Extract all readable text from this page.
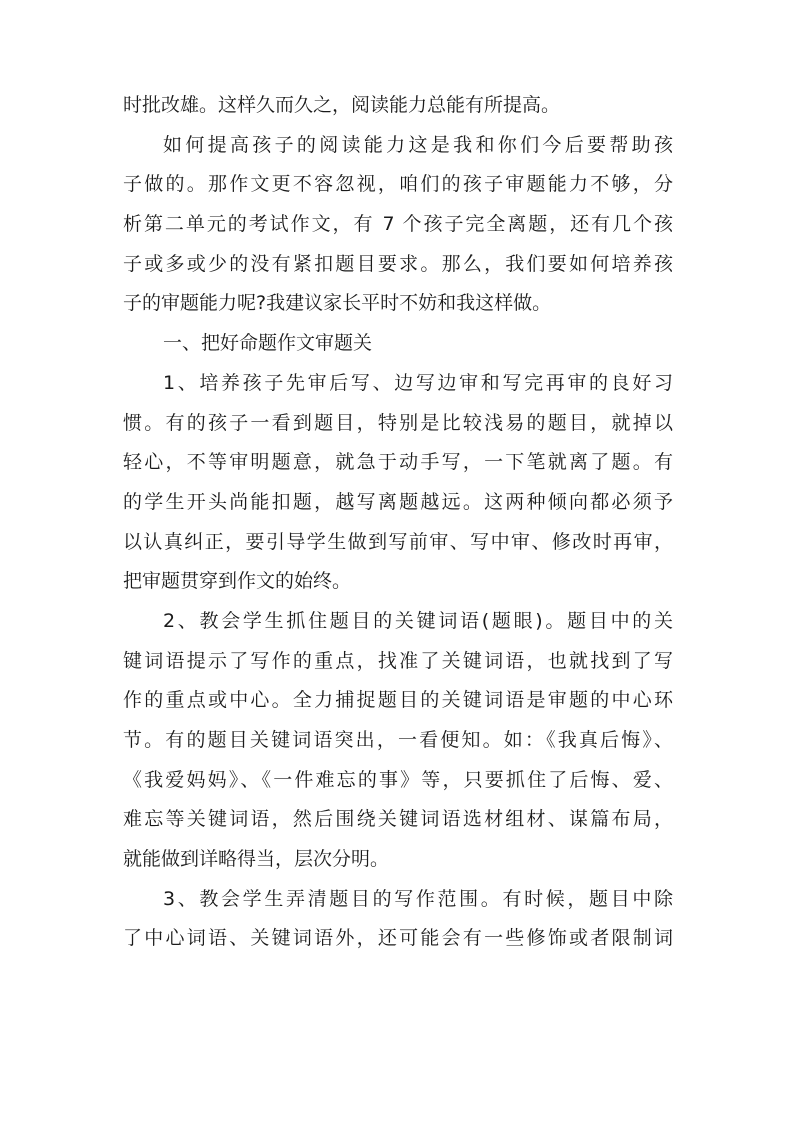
时批改雄。这样久而久之，阅读能力总能有所提高。
如何提高孩子的阅读能力这是我和你们今后要帮助孩
子做的。那作文更不容忽视，咱们的孩子审题能力不够，分
析第二单元的考试作文，有 7 个孩子完全离题，还有几个孩
子或多或少的没有紧扣题目要求。那么，我们要如何培养孩
子的审题能力呢?我建议家长平时不妨和我这样做。
一、把好命题作文审题关
1、培养孩子先审后写、边写边审和写完再审的良好习
惯。有的孩子一看到题目，特别是比较浅易的题目，就掉以
轻心，不等审明题意，就急于动手写，一下笔就离了题。有
的学生开头尚能扣题，越写离题越远。这两种倾向都必须予
以认真纠正，要引导学生做到写前审、写中审、修改时再审，
把审题贯穿到作文的始终。
2、教会学生抓住题目的关键词语(题眼)。题目中的关
键词语提示了写作的重点，找准了关键词语，也就找到了写
作的重点或中心。全力捕捉题目的关键词语是审题的中心环
节。有的题目关键词语突出，一看便知。如：《我真后悔》、
《我爱妈妈》、《一件难忘的事》等，只要抓住了后悔、爱、
难忘等关键词语，然后围绕关键词语选材组材、谋篇布局，
就能做到详略得当，层次分明。
3、教会学生弄清题目的写作范围。有时候，题目中除
了中心词语、关键词语外，还可能会有一些修饰或者限制词
